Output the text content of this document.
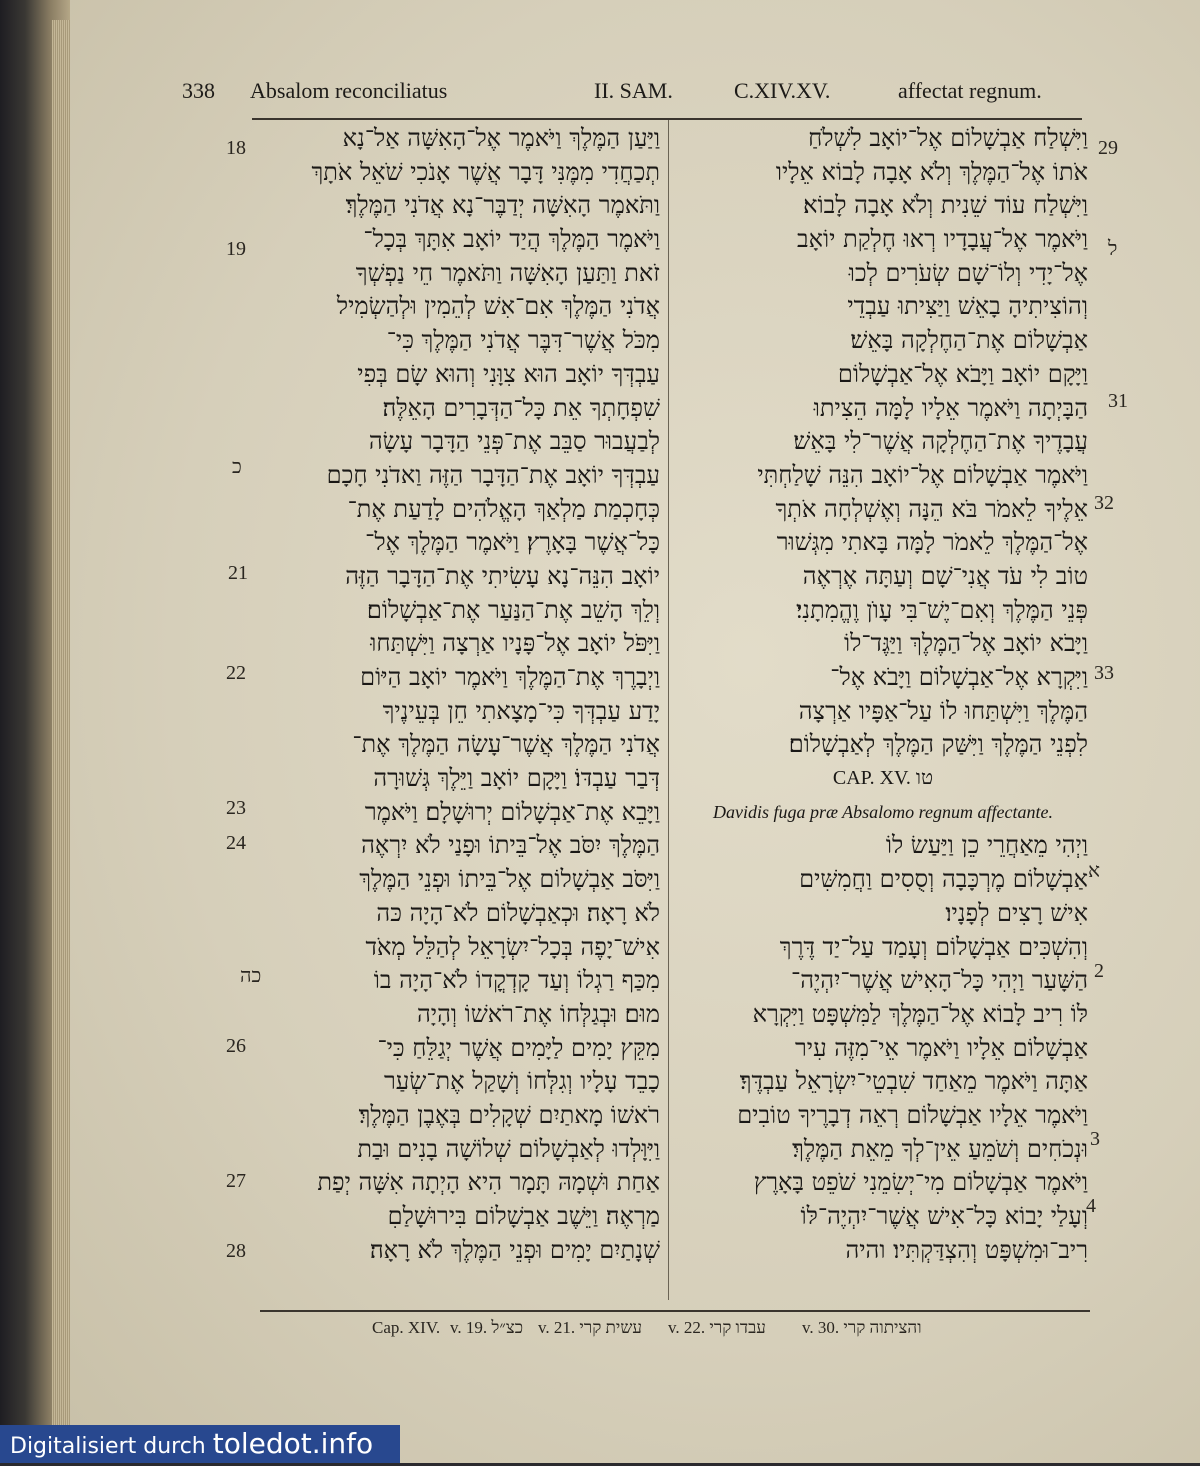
338 Absalom reconciliatus	II. SAM.	C.XIV.XV.	affectat regnum.
וַיַּעַן הַמֶּלֶךְ וַיֹּאמֶר אֶל־הָאִשָּׁה אַל־נָא
תְכַחֲדִי מִמֶּנִּי דָּבָר אֲשֶׁר אָנֹכִי שֹׁאֵל אֹתָךְ
וַתֹּאמֶר הָאִשָּׁה יְדַבֶּר־נָא אֲדֹנִי הַמֶּלֶךְ׃
וַיֹּאמֶר הַמֶּלֶךְ הֲיַד יוֹאָב אִתָּךְ בְּכָל־
זֹאת וַתַּעַן הָאִשָּׁה וַתֹּאמֶר חֵי נַפְשְׁךָ
אֲדֹנִי הַמֶּלֶךְ אִם־אִשׁ לְהֵמִין וּלְהַשְׂמִיל
מִכֹּל אֲשֶׁר־דִּבֶּר אֲדֹנִי הַמֶּלֶךְ כִּי־
עַבְדְּךָ יוֹאָב הוּא צִוָּנִי וְהוּא שָׂם בְּפִי
שִׁפְחָתְךָ אֵת כָּל־הַדְּבָרִים הָאֵלֶּה׃
לְבַעֲבוּר סַבֵּב אֶת־פְּנֵי הַדָּבָר עָשָׂה
עַבְדְּךָ יוֹאָב אֶת־הַדָּבָר הַזֶּה וַאדֹנִי חָכָם
כְּחָכְמַת מַלְאַךְ הָאֱלֹהִים לָדַעַת אֶת־
כָּל־אֲשֶׁר בָּאָרֶץ׃ וַיֹּאמֶר הַמֶּלֶךְ אֶל־
יוֹאָב הִנֵּה־נָא עָשִׂיתִי אֶת־הַדָּבָר הַזֶּה
וְלֵךְ הָשֵׁב אֶת־הַנַּעַר אֶת־אַבְשָׁלוֹם׃
וַיִּפֹּל יוֹאָב אֶל־פָּנָיו אַרְצָה וַיִּשְׁתַּחוּ
וַיְבָרֶךְ אֶת־הַמֶּלֶךְ וַיֹּאמֶר יוֹאָב הַיּוֹם
יָדַע עַבְדְּךָ כִּי־מָצָאתִי חֵן בְּעֵינֶיךָ
אֲדֹנִי הַמֶּלֶךְ אֲשֶׁר־עָשָׂה הַמֶּלֶךְ אֶת־
דְּבַר עַבְדּוֹ׃ וַיָּקָם יוֹאָב וַיֵּלֶךְ גְּשׁוּרָה
וַיָּבֵא אֶת־אַבְשָׁלוֹם יְרוּשָׁלָם׃ וַיֹּאמֶר
הַמֶּלֶךְ יִסֹּב אֶל־בֵּיתוֹ וּפָנַי לֹא יִרְאֶה
וַיִּסֹּב אַבְשָׁלוֹם אֶל־בֵּיתוֹ וּפְנֵי הַמֶּלֶךְ
לֹא רָאָה׃ וּכְאַבְשָׁלוֹם לֹא־הָיָה כּה
אִישׁ־יָפֶה בְּכָל־יִשְׂרָאֵל לְהַלֵּל מְאֹד
מִכַּף רַגְלוֹ וְעַד קָדְקֳדוֹ לֹא־הָיָה בוֹ
מוּם׃ וּבְגַלְּחוֹ אֶת־רֹאשׁוֹ וְהָיָה
מִקֵּץ יָמִים לַיָּמִים אֲשֶׁר יְגַלֵּחַ כִּי־
כָבֵד עָלָיו וְגִלְּחוֹ וְשָׁקַל אֶת־שְׂעַר
רֹאשׁוֹ מָאתַיִם שְׁקָלִים בְּאֶבֶן הַמֶּלֶךְ׃
וַיִּוָּלְדוּ לְאַבְשָׁלוֹם שְׁלוֹשָׁה בָנִים וּבַת
אַחַת וּשְׁמָהּ תָּמָר הִיא הָיְתָה אִשָּׁה יְפַת
מַרְאֶה׃ וַיֵּשֶׁב אַבְשָׁלוֹם בִּירוּשָׁלַםִ
שְׁנָתַיִם יָמִים וּפְנֵי הַמֶּלֶךְ לֹא רָאָה׃
וַיִּשְׁלַח אַבְשָׁלוֹם אֶל־יוֹאָב לִשְׁלֹחַ
אֹתוֹ אֶל־הַמֶּלֶךְ וְלֹא אָבָה לָבוֹא אֵלָיו
וַיִּשְׁלַח עוֹד שֵׁנִית וְלֹא אָבָה לָבוֹא׃
וַיֹּאמֶר אֶל־עֲבָדָיו רְאוּ חֶלְקַת יוֹאָב
אֶל־יָדִי וְלוֹ־שָׁם שְׂעֹרִים לְכוּ
וְהוֹצִיתִיהָ בָאֵשׁ וַיַּצִּיתוּ עַבְדֵי
אַבְשָׁלוֹם אֶת־הַחֶלְקָה בָּאֵשׁ׃
וַיָּקָם יוֹאָב וַיָּבֹא אֶל־אַבְשָׁלוֹם
הַבָּיְתָה וַיֹּאמֶר אֵלָיו לָמָּה הֵצִיתוּ
עֲבָדֶיךָ אֶת־הַחֶלְקָה אֲשֶׁר־לִי בָּאֵשׁ׃
וַיֹּאמֶר אַבְשָׁלוֹם אֶל־יוֹאָב הִנֵּה שָׁלַחְתִּי
אֵלֶיךָ לֵאמֹר בֹּא הֵנָּה וְאֶשְׁלְחָה אֹתְךָ
אֶל־הַמֶּלֶךְ לֵאמֹר לָמָּה בָּאתִי מִגְּשׁוּר
טוֹב לִי עֹד אֲנִי־שָׁם וְעַתָּה אֶרְאֶה
פְּנֵי הַמֶּלֶךְ וְאִם־יֶשׁ־בִּי עָוֺן וֶהֱמִתָנִי׃
וַיָּבֹא יוֹאָב אֶל־הַמֶּלֶךְ וַיַּגֶּד־לוֹ
וַיִּקְרָא אֶל־אַבְשָׁלוֹם וַיָּבֹא אֶל־
הַמֶּלֶךְ וַיִּשְׁתַּחוּ לוֹ עַל־אַפָּיו אַרְצָה
לִפְנֵי הַמֶּלֶךְ וַיִּשַּׁק הַמֶּלֶךְ לְאַבְשָׁלוֹם׃
CAP. XV. טו
Davidis fuga præ Absalomo regnum affectante.
וַיְהִי מֵאַחֲרֵי כֵן וַיַּעַשׂ לוֹ
אַבְשָׁלוֹם מֶרְכָּבָה וְסֻסִים וַחֲמִשִּׁים
אִישׁ רָצִים לְפָנָיו׃
וְהִשְׁכִּים אַבְשָׁלוֹם וְעָמַד עַל־יַד דֶּרֶךְ
הַשָּׁעַר וַיְהִי כָּל־הָאִישׁ אֲשֶׁר־יִהְיֶה־
לּוֹ רִיב לָבוֹא אֶל־הַמֶּלֶךְ לַמִּשְׁפָּט וַיִּקְרָא
אַבְשָׁלוֹם אֵלָיו וַיֹּאמֶר אֵי־מִזֶּה עִיר
אַתָּה וַיֹּאמֶר מֵאַחַד שִׁבְטֵי־יִשְׂרָאֵל עַבְדֶּךָ׃
וַיֹּאמֶר אֵלָיו אַבְשָׁלוֹם רְאֵה דְבָרֶיךָ טוֹבִים
וּנְכֹחִים וְשֹׁמֵעַ אֵין־לְךָ מֵאֵת הַמֶּלֶךְ׃
וַיֹּאמֶר אַבְשָׁלוֹם מִי־יְשִׂמֵנִי שֹׁפֵט בָּאָרֶץ
וְעָלַי יָבוֹא כָּל־אִישׁ אֲשֶׁר־יִהְיֶה־לּוֹ
רִיב־וּמִשְׁפָּט וְהִצְדַּקְתִּיו׃ והיה
18
19
כ
21
22
23
24
כה
26
27
28
29
ל
31
32
33
א
2
3
4
Cap. XIV. v. 19. כצ״ל v. 21. עשית קרי v. 22. עבדו קרי v. 30. והציתוה קרי
Digitalisiert durch toledot.info
